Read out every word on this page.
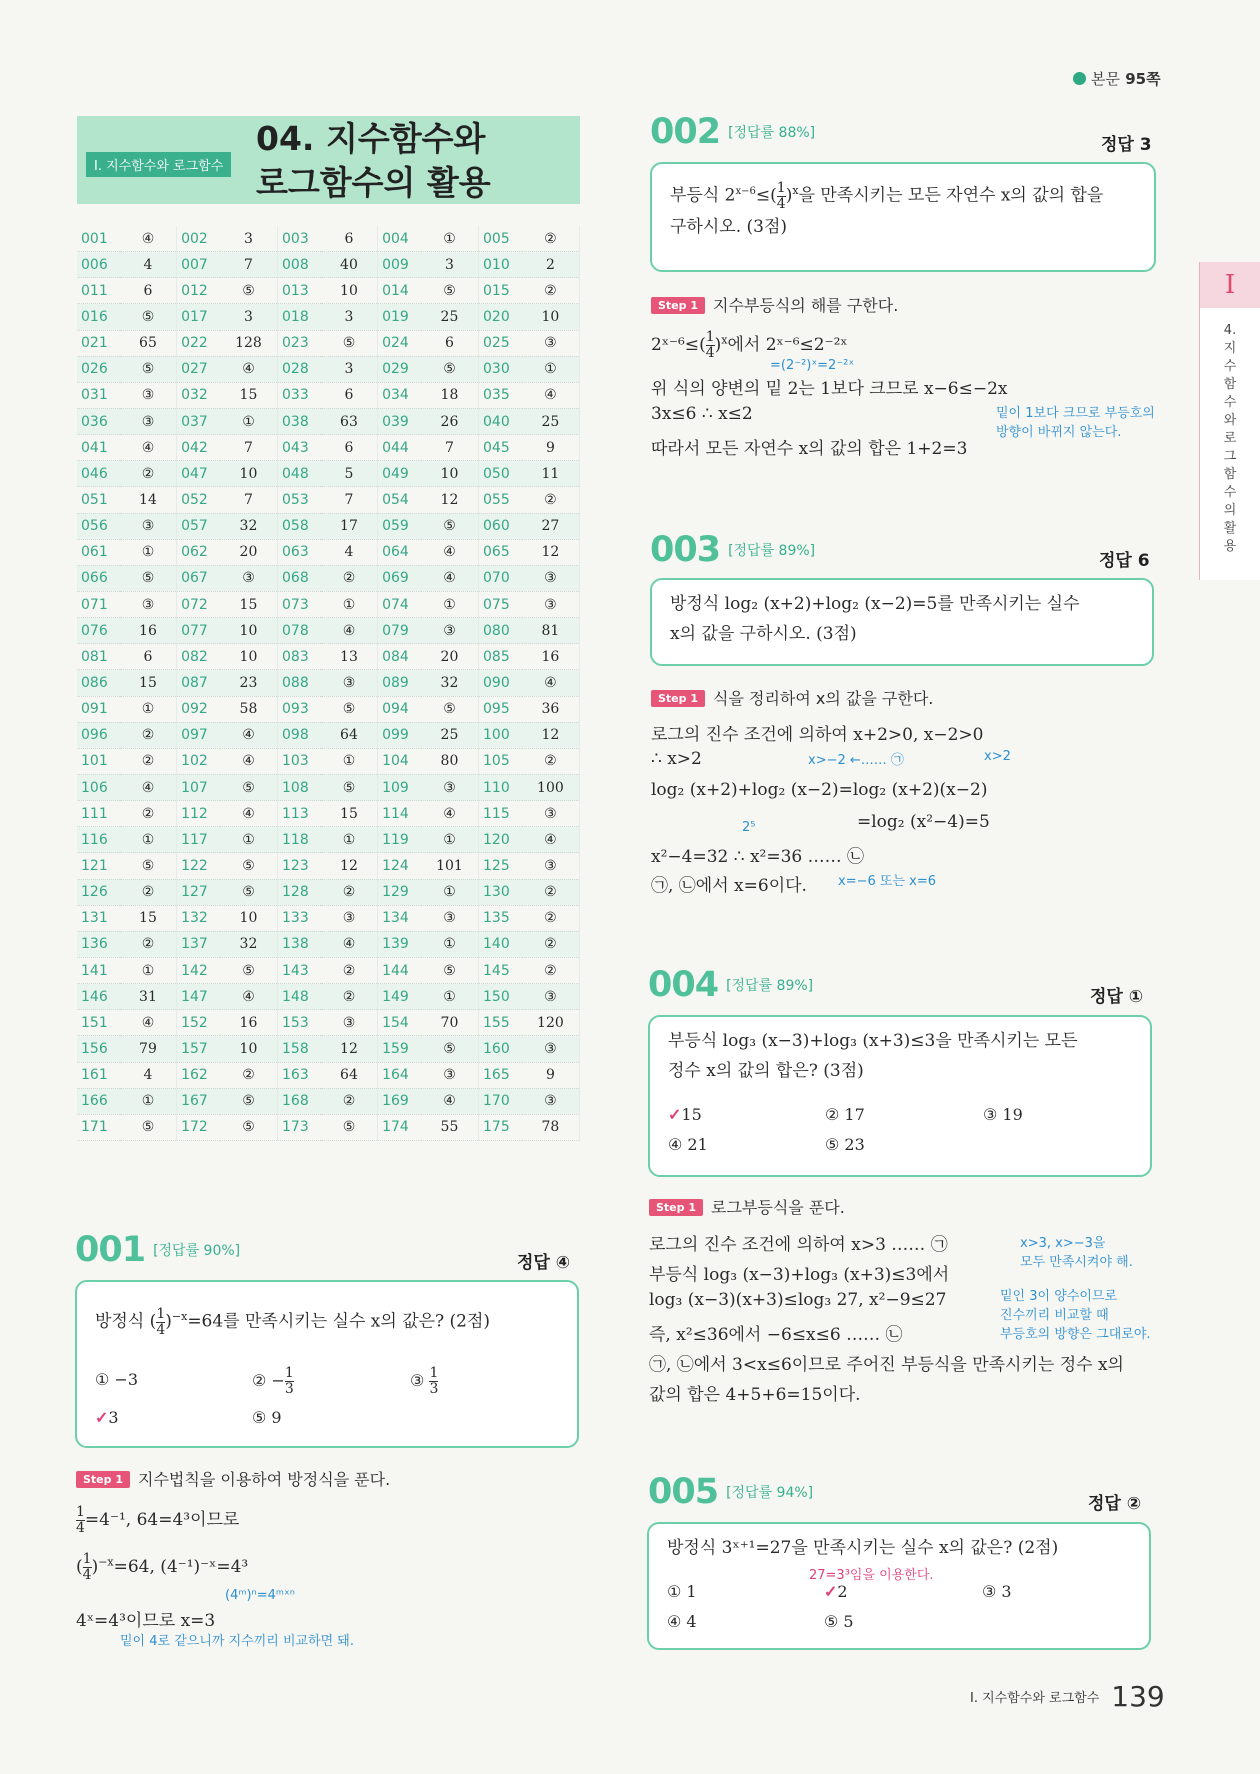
본문 95쪽
I. 지수함수와 로그함수
04. 지수함수와
로그함수의 활용
001	④	002	3	003	6	004	①	005	②
006	4	007	7	008	40	009	3	010	2
011	6	012	⑤	013	10	014	⑤	015	②
016	⑤	017	3	018	3	019	25	020	10
021	65	022	128	023	⑤	024	6	025	③
026	⑤	027	④	028	3	029	⑤	030	①
031	③	032	15	033	6	034	18	035	④
036	③	037	①	038	63	039	26	040	25
041	④	042	7	043	6	044	7	045	9
046	②	047	10	048	5	049	10	050	11
051	14	052	7	053	7	054	12	055	②
056	③	057	32	058	17	059	⑤	060	27
061	①	062	20	063	4	064	④	065	12
066	⑤	067	③	068	②	069	④	070	③
071	③	072	15	073	①	074	①	075	③
076	16	077	10	078	④	079	③	080	81
081	6	082	10	083	13	084	20	085	16
086	15	087	23	088	③	089	32	090	④
091	①	092	58	093	⑤	094	⑤	095	36
096	②	097	④	098	64	099	25	100	12
101	②	102	④	103	①	104	80	105	②
106	④	107	⑤	108	⑤	109	③	110	100
111	②	112	④	113	15	114	④	115	③
116	①	117	①	118	①	119	①	120	④
121	⑤	122	⑤	123	12	124	101	125	③
126	②	127	⑤	128	②	129	①	130	②
131	15	132	10	133	③	134	③	135	②
136	②	137	32	138	④	139	①	140	②
141	①	142	⑤	143	②	144	⑤	145	②
146	31	147	④	148	②	149	①	150	③
151	④	152	16	153	③	154	70	155	120
156	79	157	10	158	12	159	⑤	160	③
161	4	162	②	163	64	164	③	165	9
166	①	167	⑤	168	②	169	④	170	③
171	⑤	172	⑤	173	⑤	174	55	175	78
I
4.지수함수와로그함수의활용
002 [정답률 88%]
정답 3
부등식 $2^{x-6}\le( \frac{1}{4} )^x$을 만족시키는 모든 자연수 x의 값의 합을
구하시오. (3점)
Step 1 지수부등식의 해를 구한다.
2ˣ⁻⁶≤( $\frac{1}{4} )^x$에서 2ˣ⁻⁶≤2⁻²ˣ
=(2⁻²)ˣ=2⁻²ˣ
위 식의 양변의 밑 2는 1보다 크므로 x−6≤−2x
3x≤6 ∴ x≤2	밑이 1보다 크므로 부등호의
방향이 바뀌지 않는다.
따라서 모든 자연수 x의 값의 합은 1+2=3
003 [정답률 89%]	정답 6
방정식 log₂ (x+2)+log₂ (x−2)=5를 만족시키는 실수
x의 값을 구하시오. (3점)
Step 1 식을 정리하여 x의 값을 구한다.
로그의 진수 조건에 의하여 x+2>0, x−2>0
∴ x>2	x>−2 ←…… ㉠	x>2
log₂ (x+2)+log₂ (x−2)=log₂ (x+2)(x−2)
=log₂ (x²−4)=5
2⁵
x²−4=32 ∴ x²=36 …… ㉡
㉠, ㉡에서 x=6이다. x=−6 또는 x=6
004 [정답률 89%]
정답 ①
부등식 log₃ (x−3)+log₃ (x+3)≤3을 만족시키는 모든
정수 x의 값의 합은? (3점)
✓15	② 17	③ 19
④ 21	⑤ 23
Step 1 로그부등식을 푼다.
로그의 진수 조건에 의하여 x>3 …… ㉠	x>3, x>−3을
모두 만족시켜야 해.
부등식 log₃ (x−3)+log₃ (x+3)≤3에서
log₃ (x−3)(x+3)≤log₃ 27, x²−9≤27	밑인 3이 양수이므로
진수끼리 비교할 때
부등호의 방향은 그대로야.
즉, x²≤36에서 −6≤x≤6 …… ㉡
㉠, ㉡에서 3<x≤6이므로 주어진 부등식을 만족시키는 정수 x의
값의 합은 4+5+6=15이다.
005 [정답률 94%]
정답 ②
방정식 3ˣ⁺¹=27을 만족시키는 실수 x의 값은? (2점)
27=3³임을 이용한다.
① 1	✓2	③ 3
④ 4	⑤ 5
001 [정답률 90%]
정답 ④
방정식 ( $\frac{1}{4} )^{-x}=64$를 만족시키는 실수 x의 값은? (2점)
① −3	② − $\frac{1}{3}$	③ $\frac{1}{3}$
✓3	⑤ 9
Step 1 지수법칙을 이용하여 방정식을 푼다.
$\frac{1}{4} =4^{-1}$, 64=4³이므로
( $\frac{1}{4} )^{-x}=64$, (4⁻¹)⁻ˣ=4³
(4ᵐ)ⁿ=4ᵐˣⁿ
4ˣ=4³이므로 x=3
밑이 4로 같으니까 지수끼리 비교하면 돼.
I. 지수함수와 로그함수 139
